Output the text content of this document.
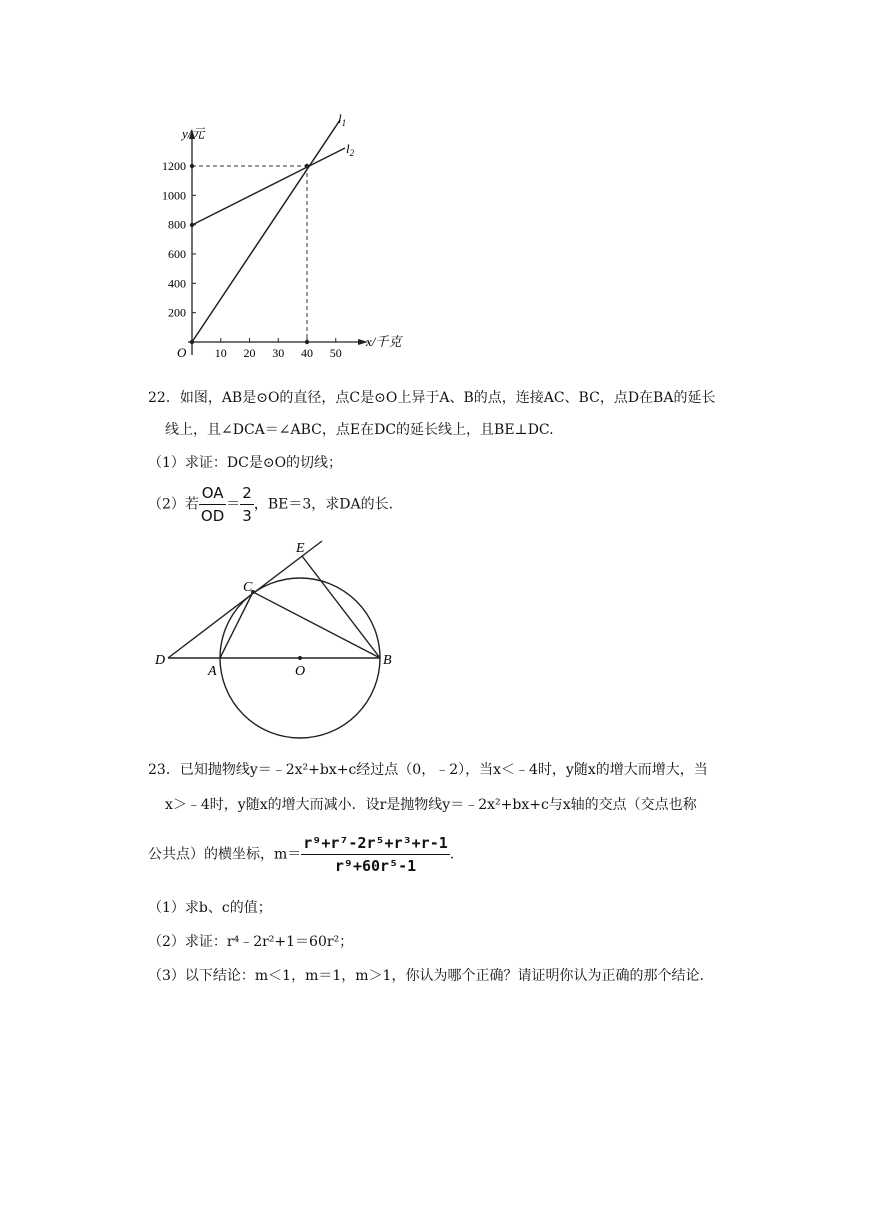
1200
1000
800
600
400
200
10 20 30 40 50
y/元
x/千克
O
$l_1$
$l_2$
22．如图，AB是⊙O的直径，点C是⊙O上异于A、B的点，连接AC、BC，点D在BA的延长
线上，且∠DCA＝∠ABC，点E在DC的延长线上，且BE⊥DC.
（1）求证：DC是⊙O的切线；
（2）若 $\frac{OA}{OD} = \frac{2}{3}$ ，BE＝3，求DA的长.
E
C
D
A	O
B
23．已知抛物线y＝﹣2x²+bx+c经过点（0，﹣2），当x＜﹣4时，y随x的增大而增大，当
x＞﹣4时，y随x的增大而减小．设r是抛物线y＝﹣2x²+bx+c与x轴的交点（交点也称
公共点）的横坐标，$m= \frac{\text{r⁹+r⁷-2r⁵+r³+r-1}}{\text{r⁹+60r⁵-1}}$ .
（1）求b、c的值；
（2）求证：r⁴﹣2r²+1＝60r²；
（3）以下结论：m＜1，m＝1，m＞1，你认为哪个正确？请证明你认为正确的那个结论.
